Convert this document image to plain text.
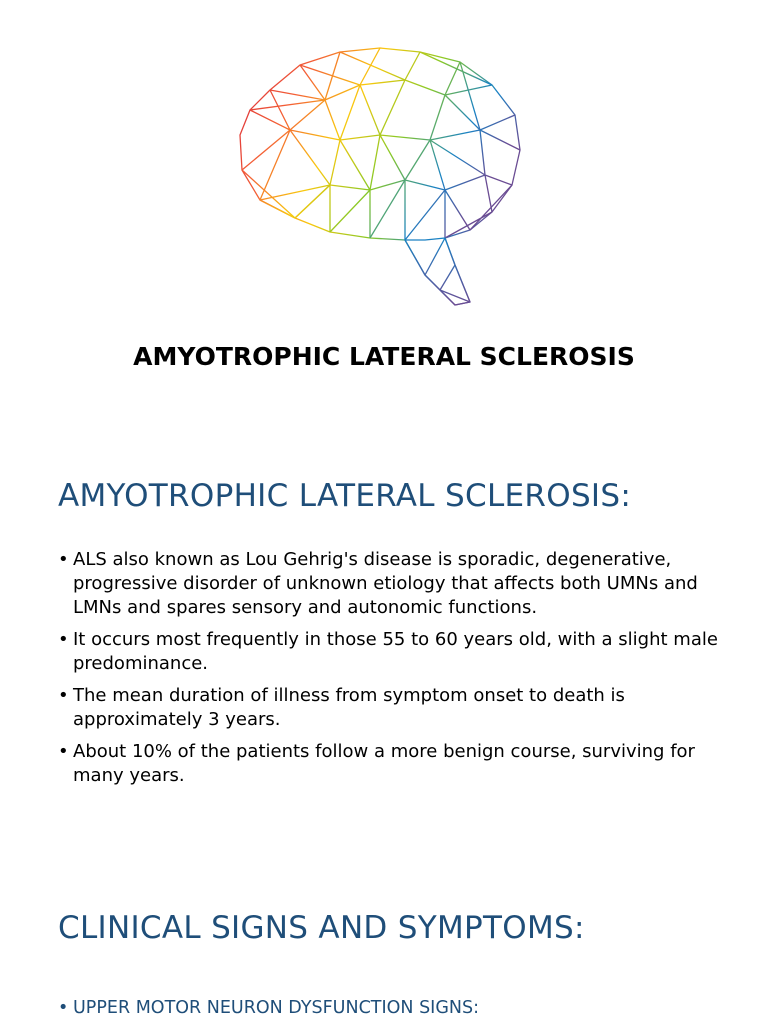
AMYOTROPHIC LATERAL SCLEROSIS
AMYOTROPHIC LATERAL SCLEROSIS:
• ALS also known as Lou Gehrig's disease is sporadic, degenerative, progressive disorder of unknown etiology that affects both UMNs and LMNs and spares sensory and autonomic functions.
• It occurs most frequently in those 55 to 60 years old, with a slight male predominance.
• The mean duration of illness from symptom onset to death is approximately 3 years.
• About 10% of the patients follow a more benign course, surviving for many years.
CLINICAL SIGNS AND SYMPTOMS:
• UPPER MOTOR NEURON DYSFUNCTION SIGNS:
